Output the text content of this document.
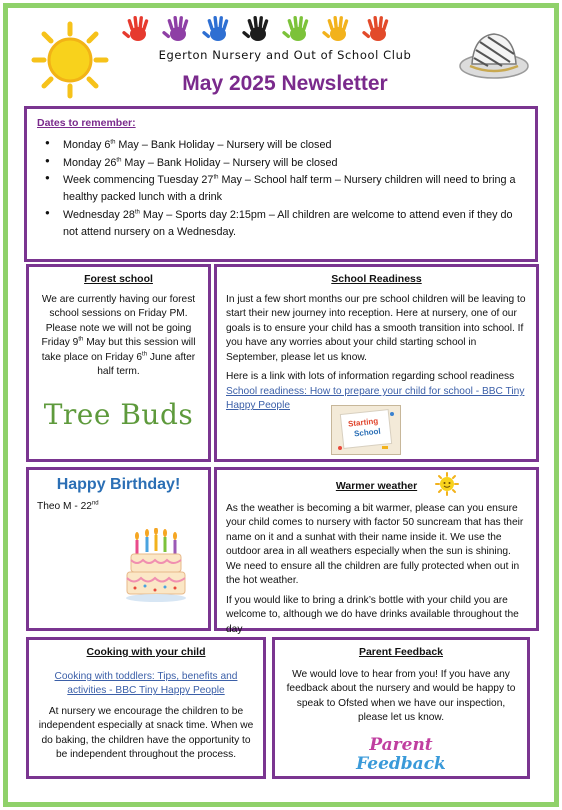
Egerton Nursery and Out of School Club
May 2025 Newsletter
Dates to remember:
● Monday 6th May – Bank Holiday – Nursery will be closed
● Monday 26th May – Bank Holiday – Nursery will be closed
● Week commencing Tuesday 27th May – School half term – Nursery children will need to bring a healthy packed lunch with a drink
● Wednesday 28th May – Sports day 2:15pm – All children are welcome to attend even if they do not attend nursery on a Wednesday.
Forest school
We are currently having our forest school sessions on Friday PM. Please note we will not be going Friday 9th May but this session will take place on Friday 6th June after half term.
Tree Buds
School Readiness
In just a few short months our pre school children will be leaving to start their new journey into reception. Here at nursery, one of our goals is to ensure your child has a smooth transition into school. If you have any worries about your child starting school in September, please let us know.
Here is a link with lots of information regarding school readiness
School readiness: How to prepare your child for school - BBC Tiny Happy People
Starting
School
Happy Birthday!
Theo M - 22nd
Warmer weather
As the weather is becoming a bit warmer, please can you ensure your child comes to nursery with factor 50 suncream that has their name on it and a sunhat with their name inside it. We use the outdoor area in all weathers especially when the sun is shining. We need to ensure all the children are fully protected when out in the hot weather.
If you would like to bring a drink’s bottle with your child you are welcome to, although we do have drinks available throughout the day
Cooking with your child
Cooking with toddlers: Tips, benefits and activities - BBC Tiny Happy People
At nursery we encourage the children to be independent especially at snack time. When we do baking, the children have the opportunity to be independent throughout the process.
Parent Feedback
We would love to hear from you! If you have any feedback about the nursery and would be happy to speak to Ofsted when we have our inspection, please let us know.
Parent
Feedback
